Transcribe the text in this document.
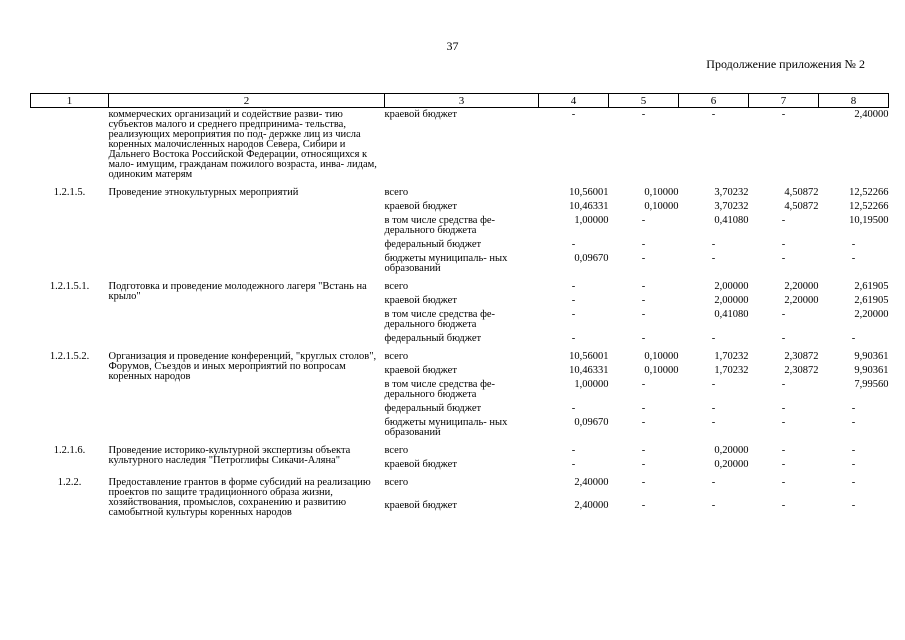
37
Продолжение приложения № 2
1	2	3	4	5	6	7	8
	коммерческих организаций и содействие разви- тию субъектов малого и среднего предпринима- тельства, реализующих мероприятия по под- держке лиц из числа коренных малочисленных народов Севера, Сибири и Дальнего Востока Российской Федерации, относящихся к мало- имущим, гражданам пожилого возраста, инва- лидам, одиноким матерям	краевой бюджет	-	-	-	-	2,40000
1.2.1.5.	Проведение этнокультурных мероприятий	всего	10,56001	0,10000	3,70232	4,50872	12,52266
		краевой бюджет	10,46331	0,10000	3,70232	4,50872	12,52266
		в том числе средства фе- дерального бюджета	1,00000	-	0,41080	-	10,19500
		федеральный бюджет	-	-	-	-	-
		бюджеты муниципаль- ных образований	0,09670	-	-	-	-
1.2.1.5.1.	Подготовка и проведение молодежного лагеря "Встань на крыло"	всего	-	-	2,00000	2,20000	2,61905
		краевой бюджет	-	-	2,00000	2,20000	2,61905
		в том числе средства фе- дерального бюджета	-	-	0,41080	-	2,20000
		федеральный бюджет	-	-	-	-	-
1.2.1.5.2.	Организация и проведение конференций, "круглых столов", Форумов, Съездов и иных мероприятий по вопросам коренных народов	всего	10,56001	0,10000	1,70232	2,30872	9,90361
		краевой бюджет	10,46331	0,10000	1,70232	2,30872	9,90361
		в том числе средства фе- дерального бюджета	1,00000	-	-	-	7,99560
		федеральный бюджет	-	-	-	-	-
		бюджеты муниципаль- ных образований	0,09670	-	-	-	-
1.2.1.6.	Проведение историко-культурной экспертизы объекта культурного наследия "Петроглифы Сикачи-Аляна"	всего	-	-	0,20000	-	-
		краевой бюджет	-	-	0,20000	-	-
1.2.2.	Предоставление грантов в форме субсидий на реализацию проектов по защите традиционного образа жизни, хозяйствования, промыслов, сохранению и развитию самобытной культуры коренных народов	всего	2,40000	-	-	-	-
		краевой бюджет	2,40000	-	-	-	-
